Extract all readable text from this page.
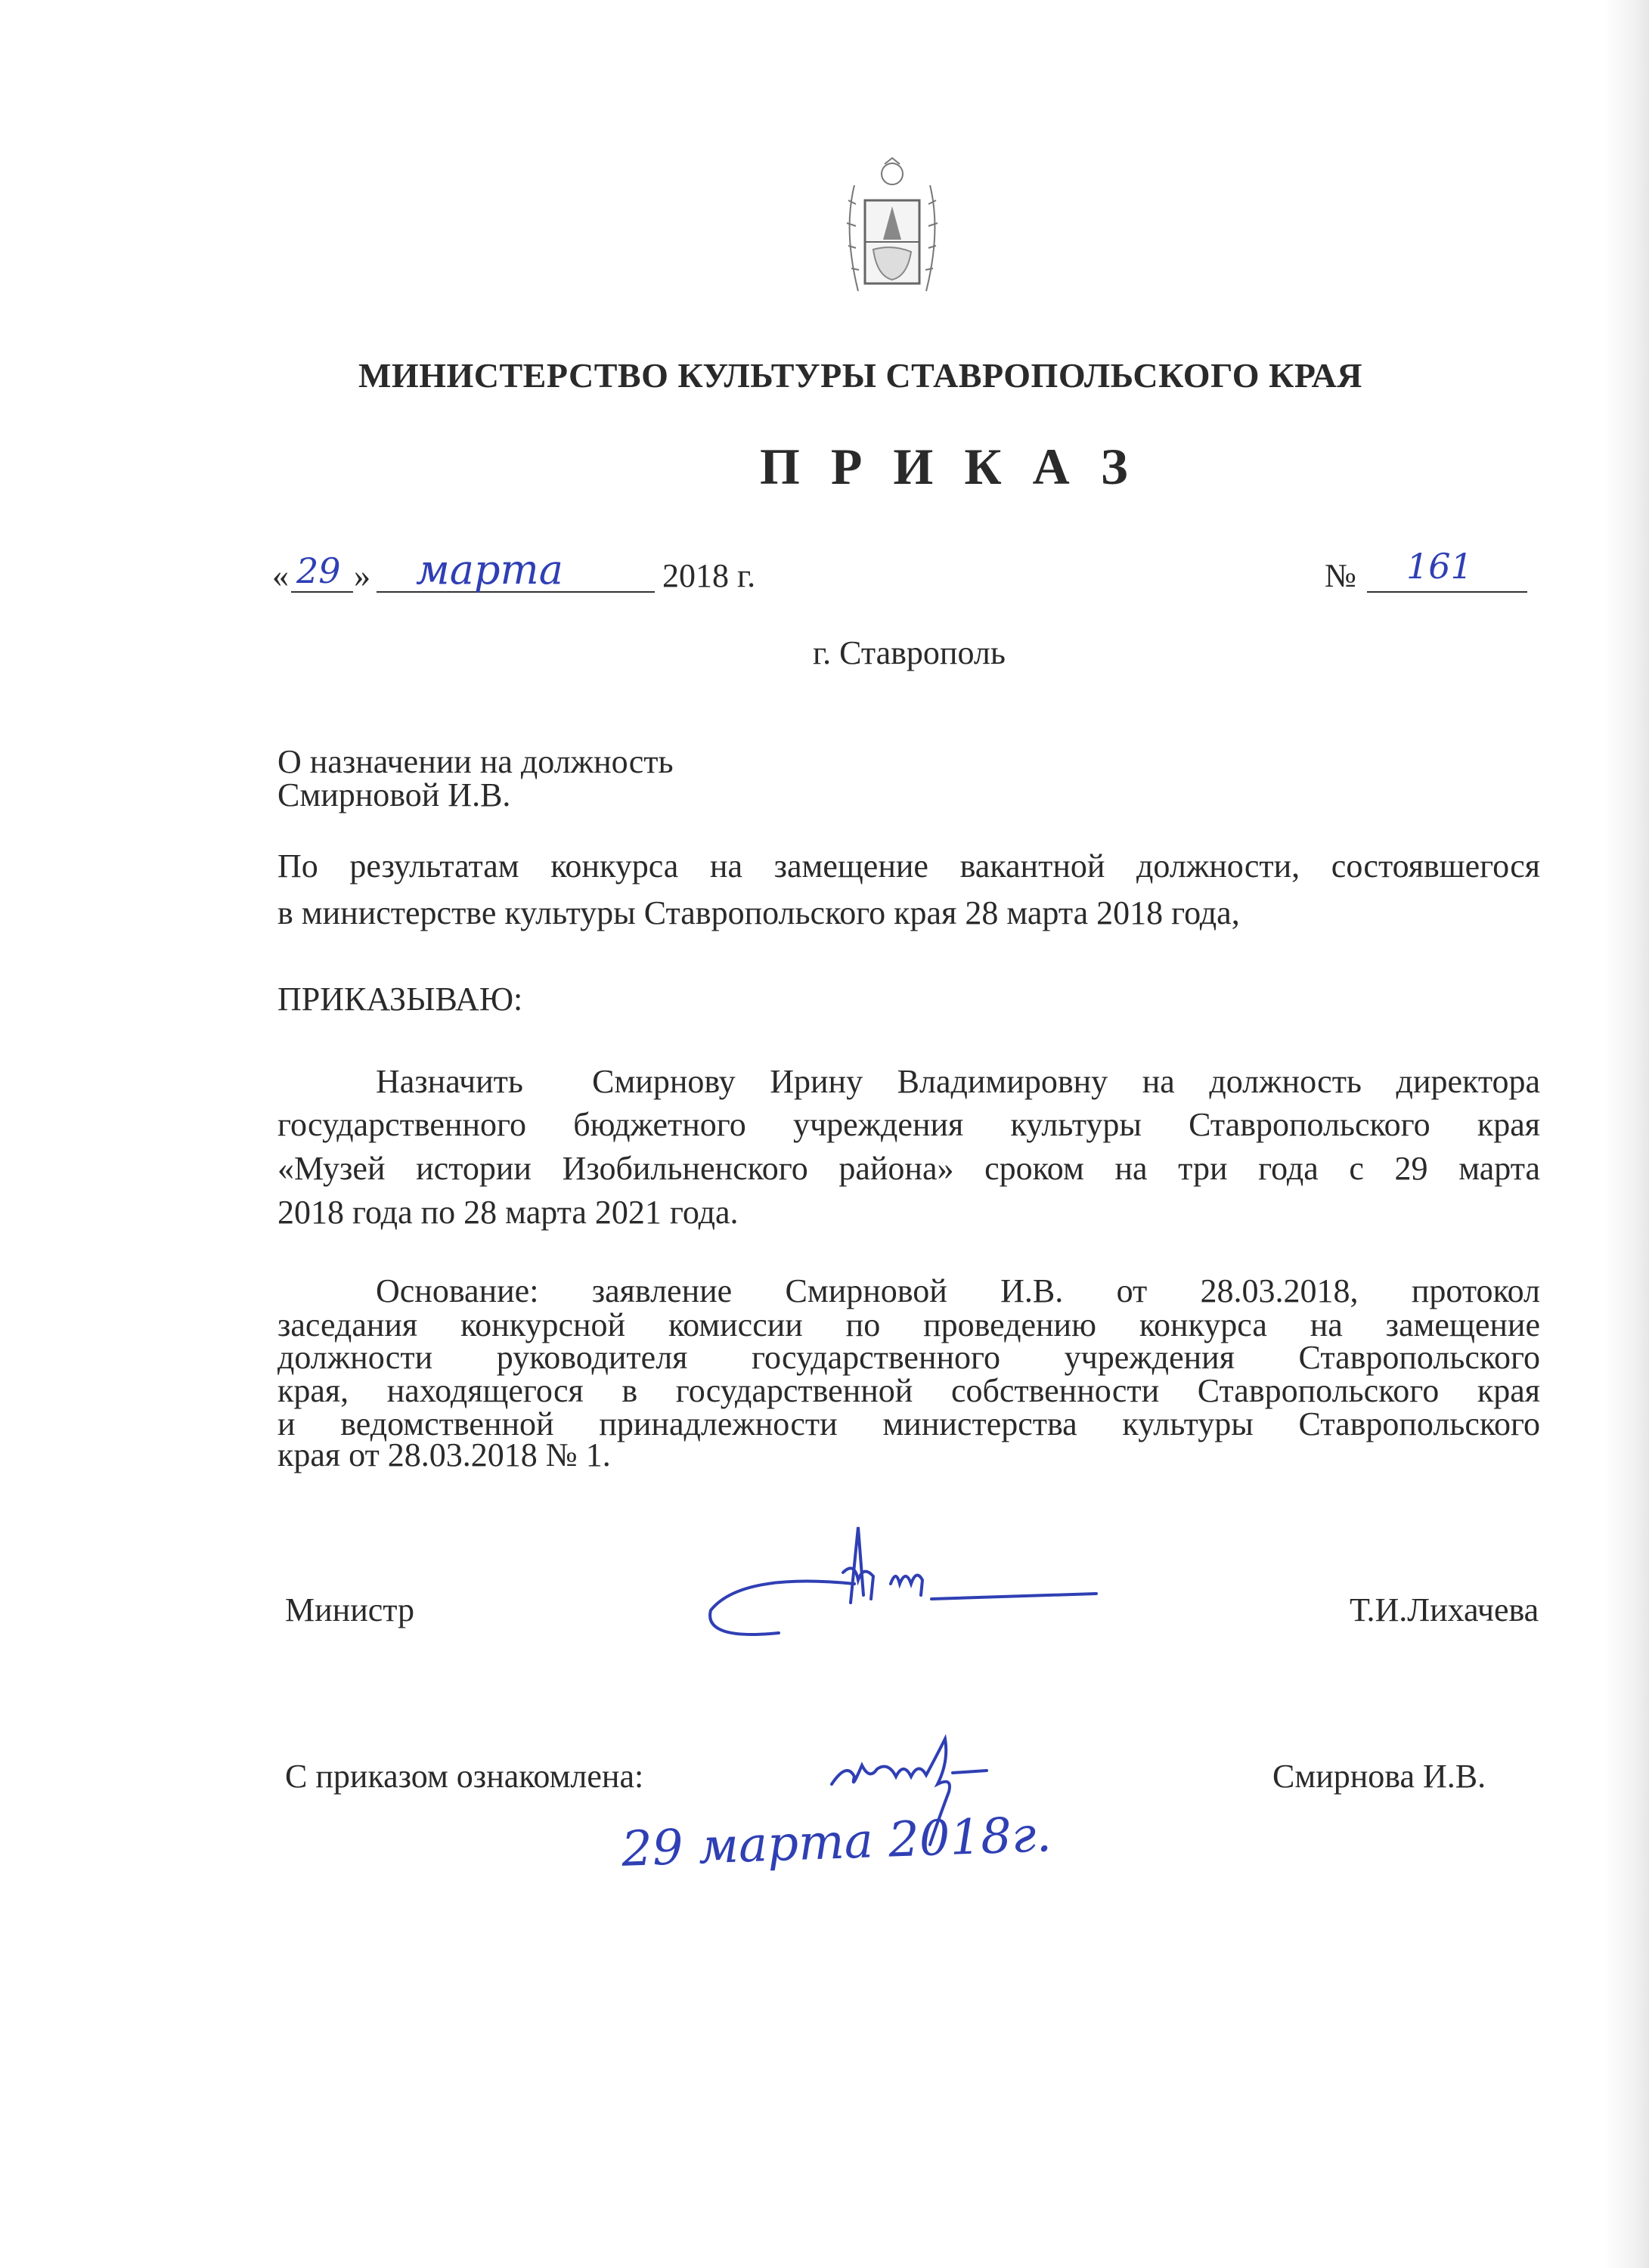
МИНИСТЕРСТВО КУЛЬТУРЫ СТАВРОПОЛЬСКОГО КРАЯ
П Р И К А З
« 29 » марта	2018 г.	№ 161
г. Ставрополь
О назначении на должность
Смирновой И.В.
По результатам конкурса на замещение вакантной должности, состоявшегося
в министерстве культуры Ставропольского края 28 марта 2018 года,
ПРИКАЗЫВАЮ:
Назначить  Смирнову Ирину Владимировну на должность директора
государственного бюджетного учреждения культуры Ставропольского края
«Музей истории Изобильненского района» сроком на три года с 29 марта
2018 года по 28 марта 2021 года.
Основание: заявление Смирновой И.В. от 28.03.2018, протокол
заседания конкурсной комиссии по проведению конкурса на замещение
должности руководителя государственного учреждения Ставропольского
края, находящегося в государственной собственности Ставропольского края
и ведомственной принадлежности министерства культуры Ставропольского
края от 28.03.2018 № 1.
Министр	Т.И.Лихачева
С приказом ознакомлена:	Смирнова И.В.
29 марта 2018г.
